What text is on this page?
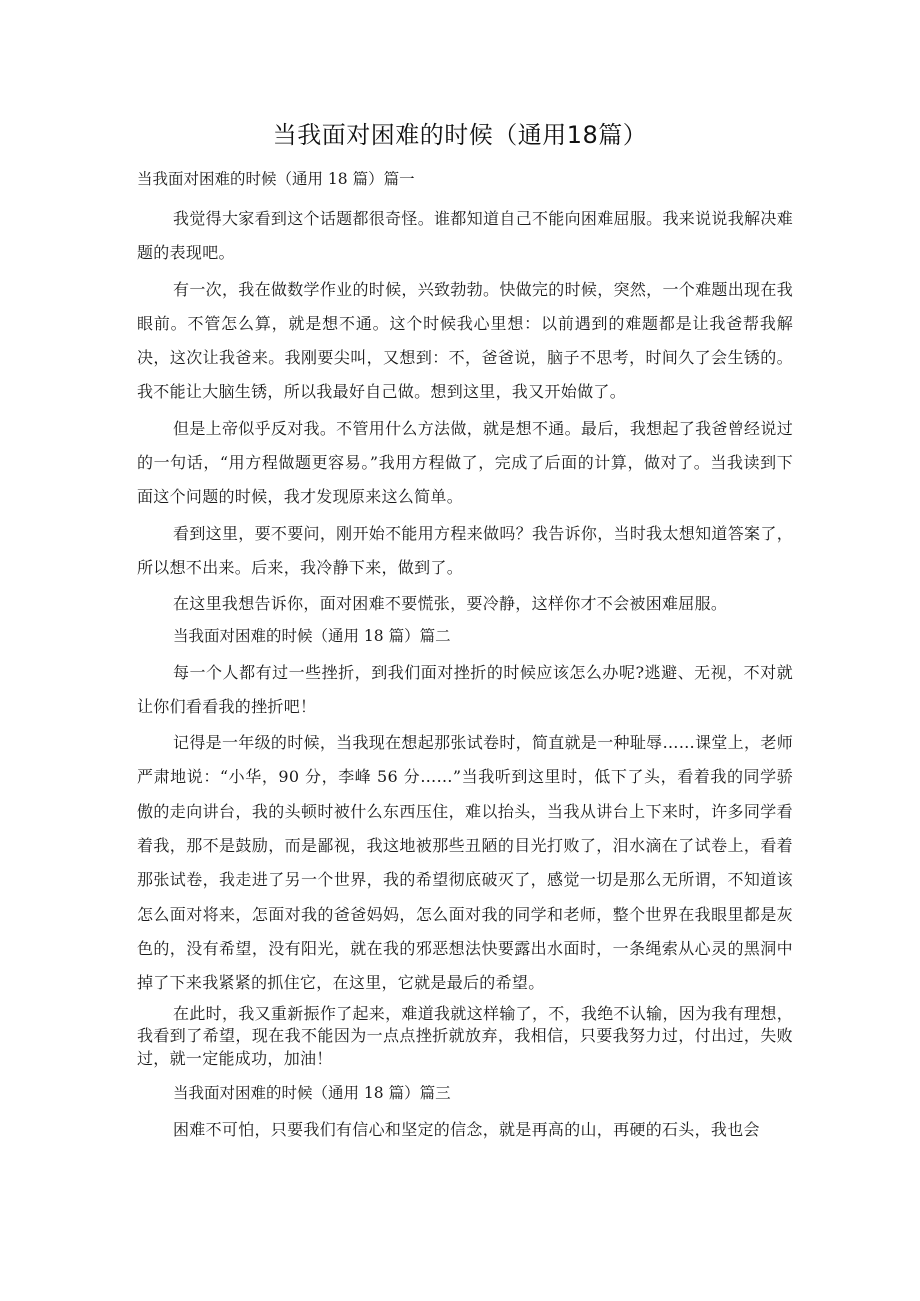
当我面对困难的时候（通用18篇）
当我面对困难的时候（通用 18 篇）篇一

我觉得大家看到这个话题都很奇怪。谁都知道自己不能向困难屈服。我来说说我解决难题的表现吧。

有一次，我在做数学作业的时候，兴致勃勃。快做完的时候，突然，一个难题出现在我眼前。不管怎么算，就是想不通。这个时候我心里想：以前遇到的难题都是让我爸帮我解决，这次让我爸来。我刚要尖叫，又想到：不，爸爸说，脑子不思考，时间久了会生锈的。我不能让大脑生锈，所以我最好自己做。想到这里，我又开始做了。

但是上帝似乎反对我。不管用什么方法做，就是想不通。最后，我想起了我爸曾经说过的一句话，“用方程做题更容易。”我用方程做了，完成了后面的计算，做对了。当我读到下面这个问题的时候，我才发现原来这么简单。

看到这里，要不要问，刚开始不能用方程来做吗？我告诉你，当时我太想知道答案了，所以想不出来。后来，我冷静下来，做到了。

在这里我想告诉你，面对困难不要慌张，要冷静，这样你才不会被困难屈服。

当我面对困难的时候（通用 18 篇）篇二

每一个人都有过一些挫折，到我们面对挫折的时候应该怎么办呢?逃避、无视，不对就让你们看看我的挫折吧！

记得是一年级的时候，当我现在想起那张试卷时，简直就是一种耻辱……课堂上，老师严肃地说：“小华，90 分，李峰 56 分……”当我听到这里时，低下了头，看着我的同学骄傲的走向讲台，我的头顿时被什么东西压住，难以抬头，当我从讲台上下来时，许多同学看着我，那不是鼓励，而是鄙视，我这地被那些丑陋的目光打败了，泪水滴在了试卷上，看着那张试卷，我走进了另一个世界，我的希望彻底破灭了，感觉一切是那么无所谓，不知道该怎么面对将来，怎面对我的爸爸妈妈，怎么面对我的同学和老师，整个世界在我眼里都是灰色的，没有希望，没有阳光，就在我的邪恶想法快要露出水面时，一条绳索从心灵的黑洞中掉了下来我紧紧的抓住它，在这里，它就是最后的希望。

在此时，我又重新振作了起来，难道我就这样输了，不，我绝不认输，因为我有理想，我看到了希望，现在我不能因为一点点挫折就放弃，我相信，只要我努力过，付出过，失败过，就一定能成功，加油！

当我面对困难的时候（通用 18 篇）篇三

困难不可怕，只要我们有信心和坚定的信念，就是再高的山，再硬的石头，我也会
